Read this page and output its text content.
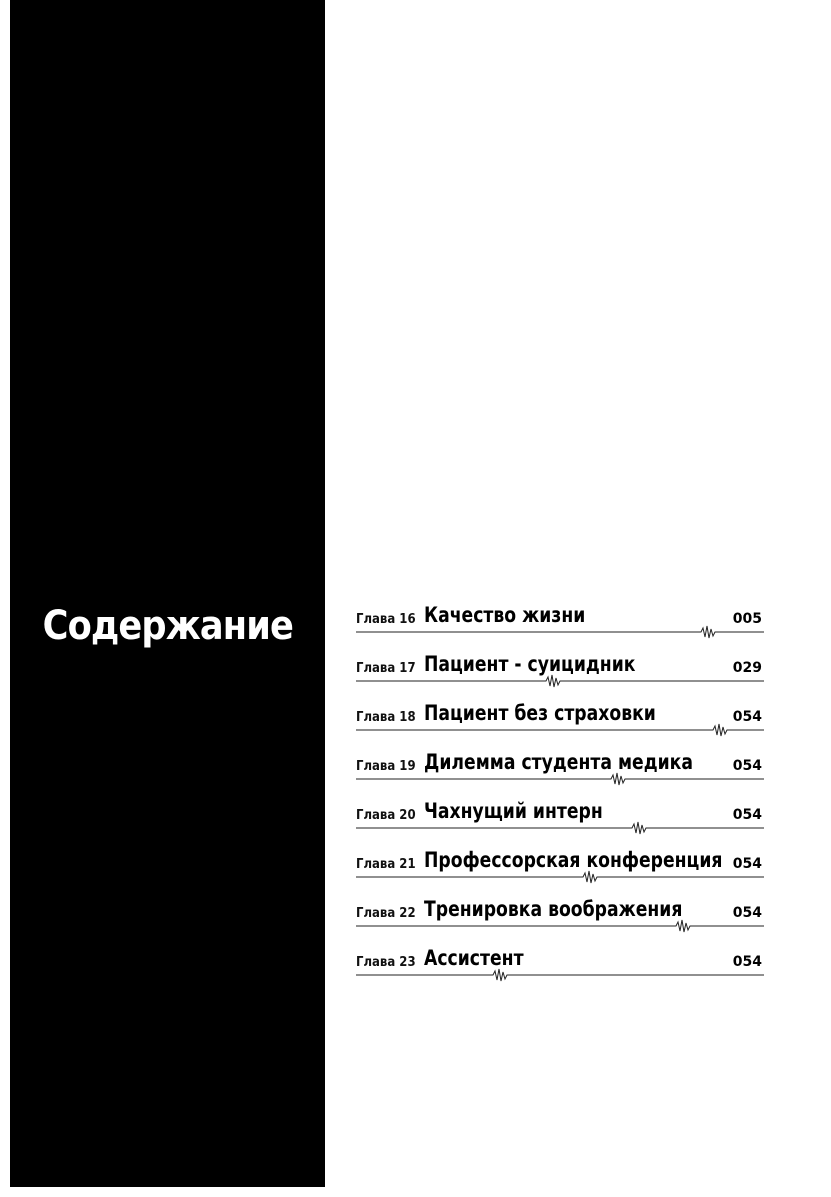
Содержание	Глава 16 Качество жизни	005
Глава 17 Пациент - суицидник	029
Глава 18 Пациент без страховки	054
Глава 19 Дилемма студента медика	054
Глава 20 Чахнущий интерн	054
Глава 21 Профессорская конференция 054
Глава 22 Тренировка воображения	054
Глава 23 Ассистент	054
